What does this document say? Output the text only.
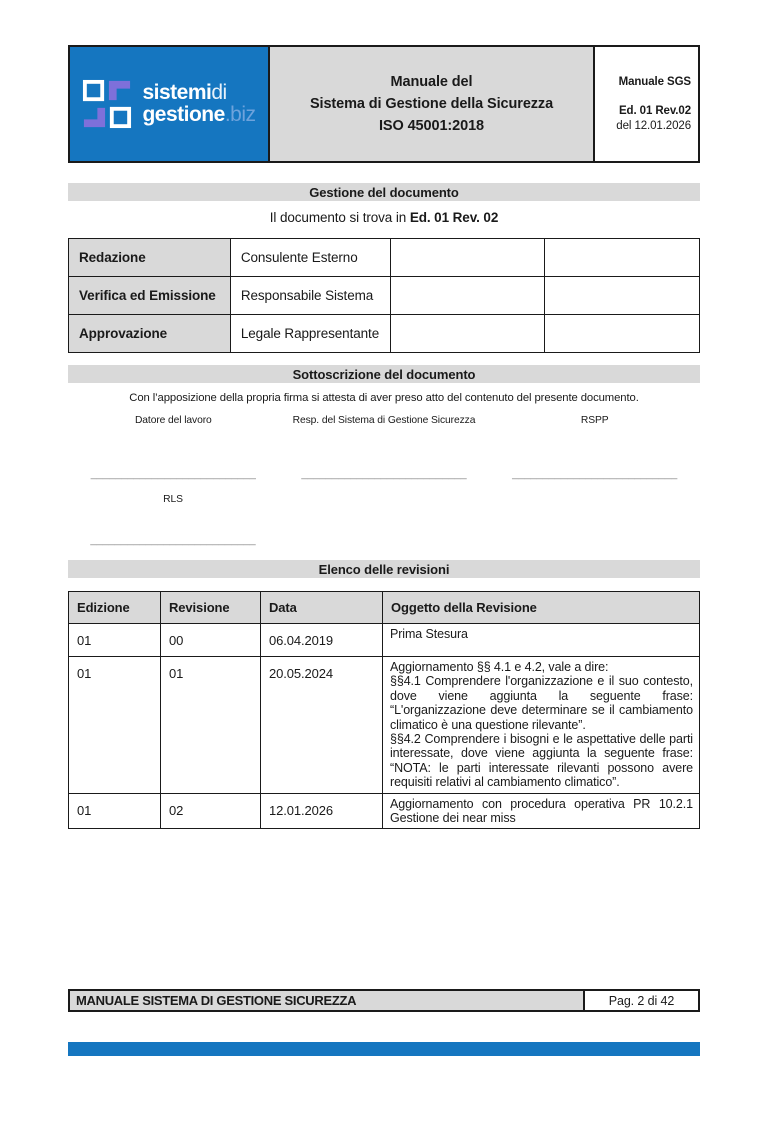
sistemidi
gestione.biz
Manuale del
Sistema di Gestione della Sicurezza
ISO 45001:2018
Manuale SGS
Ed. 01 Rev.02
del 12.01.2026
Gestione del documento

Il documento si trova in Ed. 01 Rev. 02

Redazione	Consulente Esterno		
Verifica ed Emissione	Responsabile Sistema		
Approvazione	Legale Rappresentante		
Sottoscrizione del documento

Con l’apposizione della propria firma si attesta di aver preso atto del contenuto del presente documento.

Datore del lavoro	Resp. del Sistema di Gestione Sicurezza	RSPP
___________________________	___________________________	___________________________
RLS
___________________________
Elenco delle revisioni
Edizione	Revisione	Data	Oggetto della Revisione
01	00	06.04.2019	Prima Stesura

01	01	20.05.2024	Aggiornamento §§ 4.1 e 4.2, vale a dire:

§§4.1 Comprendere l'organizzazione e il suo contesto, dove viene aggiunta la seguente frase: “L'organizzazione deve determinare se il cambiamento climatico è una questione rilevante”.

§§4.2 Comprendere i bisogni e le aspettative delle parti interessate, dove viene aggiunta la seguente frase: “NOTA: le parti interessate rilevanti possono avere requisiti relativi al cambiamento climatico”.

01	02	12.01.2026	Aggiornamento con procedura operativa PR 10.2.1 Gestione dei near miss

MANUALE SISTEMA DI GESTIONE SICUREZZA	Pag. 2 di 42
